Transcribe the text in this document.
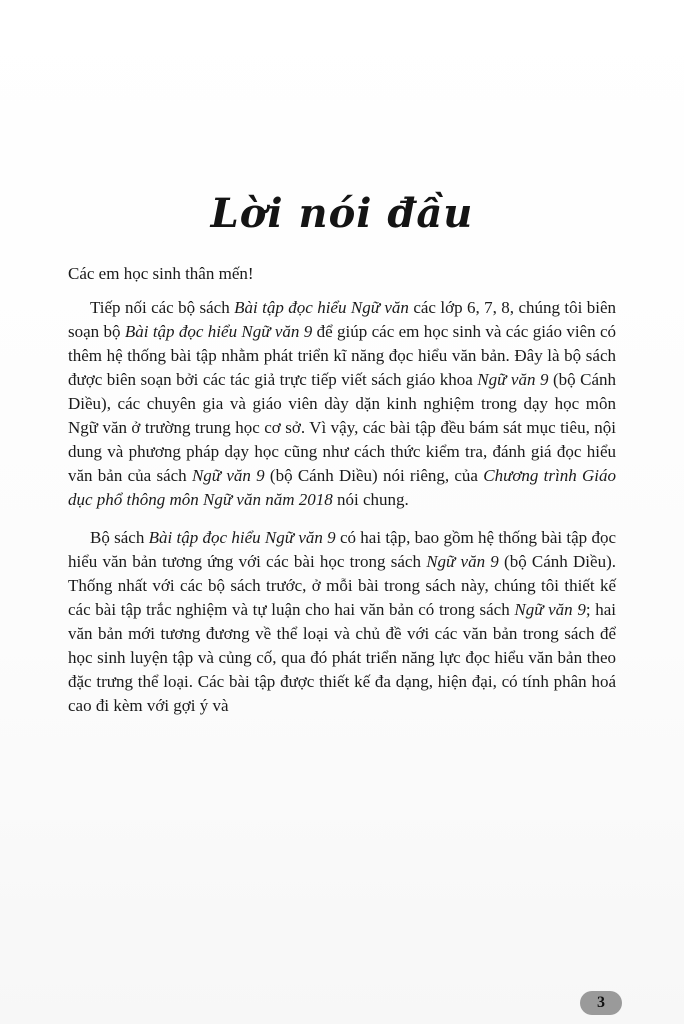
Lời nói đầu

Các em học sinh thân mến!

Tiếp nối các bộ sách Bài tập đọc hiểu Ngữ văn các lớp 6, 7, 8, chúng tôi biên soạn bộ Bài tập đọc hiểu Ngữ văn 9 để giúp các em học sinh và các giáo viên có thêm hệ thống bài tập nhằm phát triển kĩ năng đọc hiểu văn bản. Đây là bộ sách được biên soạn bởi các tác giả trực tiếp viết sách giáo khoa Ngữ văn 9 (bộ Cánh Diều), các chuyên gia và giáo viên dày dặn kinh nghiệm trong dạy học môn Ngữ văn ở trường trung học cơ sở. Vì vậy, các bài tập đều bám sát mục tiêu, nội dung và phương pháp dạy học cũng như cách thức kiểm tra, đánh giá đọc hiểu văn bản của sách Ngữ văn 9 (bộ Cánh Diều) nói riêng, của Chương trình Giáo dục phổ thông môn Ngữ văn năm 2018 nói chung.

Bộ sách Bài tập đọc hiểu Ngữ văn 9 có hai tập, bao gồm hệ thống bài tập đọc hiểu văn bản tương ứng với các bài học trong sách Ngữ văn 9 (bộ Cánh Diều). Thống nhất với các bộ sách trước, ở mỗi bài trong sách này, chúng tôi thiết kế các bài tập trắc nghiệm và tự luận cho hai văn bản có trong sách Ngữ văn 9; hai văn bản mới tương đương về thể loại và chủ đề với các văn bản trong sách để học sinh luyện tập và củng cố, qua đó phát triển năng lực đọc hiểu văn bản theo đặc trưng thể loại. Các bài tập được thiết kế đa dạng, hiện đại, có tính phân hoá cao đi kèm với gợi ý và

3
